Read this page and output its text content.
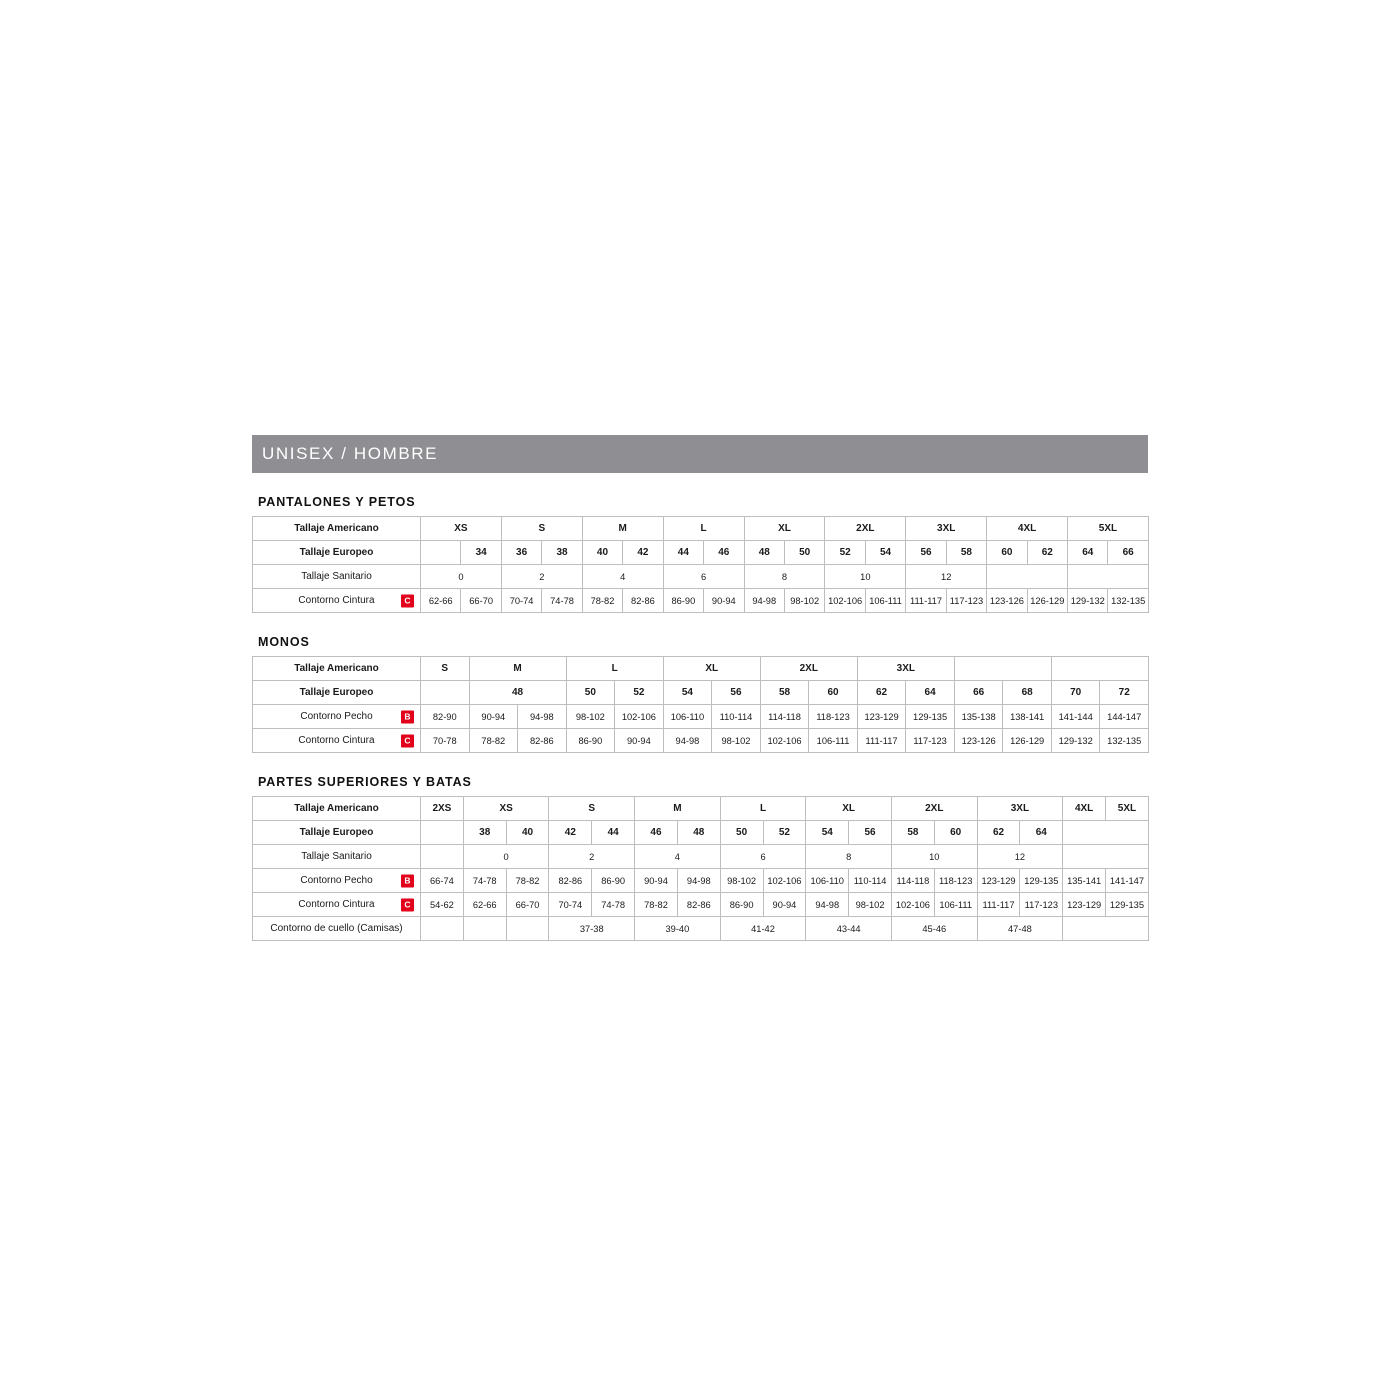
UNISEX / HOMBRE
PANTALONES Y PETOS
Tallaje Americano	XS		S		M		L		XL		2XL		3XL		4XL		5XL	
Tallaje Europeo		34	36	38	40	42	44	46	48	50	52	54	56	58	60	62	64	66
Tallaje Sanitario	0		2		4		6		8		10		12					
Contorno Cintura C	62-66	66-70	70-74	74-78	78-82	82-86	86-90	90-94	94-98	98-102	102-106	106-111	111-117	117-123	123-126	126-129	129-132	132-135
MONOS
Tallaje Americano	S	M		L		XL		2XL		3XL					
Tallaje Europeo		48		50	52	54	56	58	60	62	64	66	68	70	72
Contorno Pecho B	82-90	90-94	94-98	98-102	102-106	106-110	110-114	114-118	118-123	123-129	129-135	135-138	138-141	141-144	144-147
Contorno Cintura C	70-78	78-82	82-86	86-90	90-94	94-98	98-102	102-106	106-111	111-117	117-123	123-126	126-129	129-132	132-135
PARTES SUPERIORES Y BATAS
Tallaje Americano	2XS	XS		S		M		L		XL		2XL		3XL		4XL	5XL
Tallaje Europeo		38	40	42	44	46	48	50	52	54	56	58	60	62	64		
Tallaje Sanitario		0		2		4		6		8		10		12			
Contorno Pecho B	66-74	74-78	78-82	82-86	86-90	90-94	94-98	98-102	102-106	106-110	110-114	114-118	118-123	123-129	129-135	135-141	141-147
Contorno Cintura C	54-62	62-66	66-70	70-74	74-78	78-82	82-86	86-90	90-94	94-98	98-102	102-106	106-111	111-117	117-123	123-129	129-135
Contorno de cuello (Camisas)				37-38		39-40		41-42		43-44		45-46		47-48			
